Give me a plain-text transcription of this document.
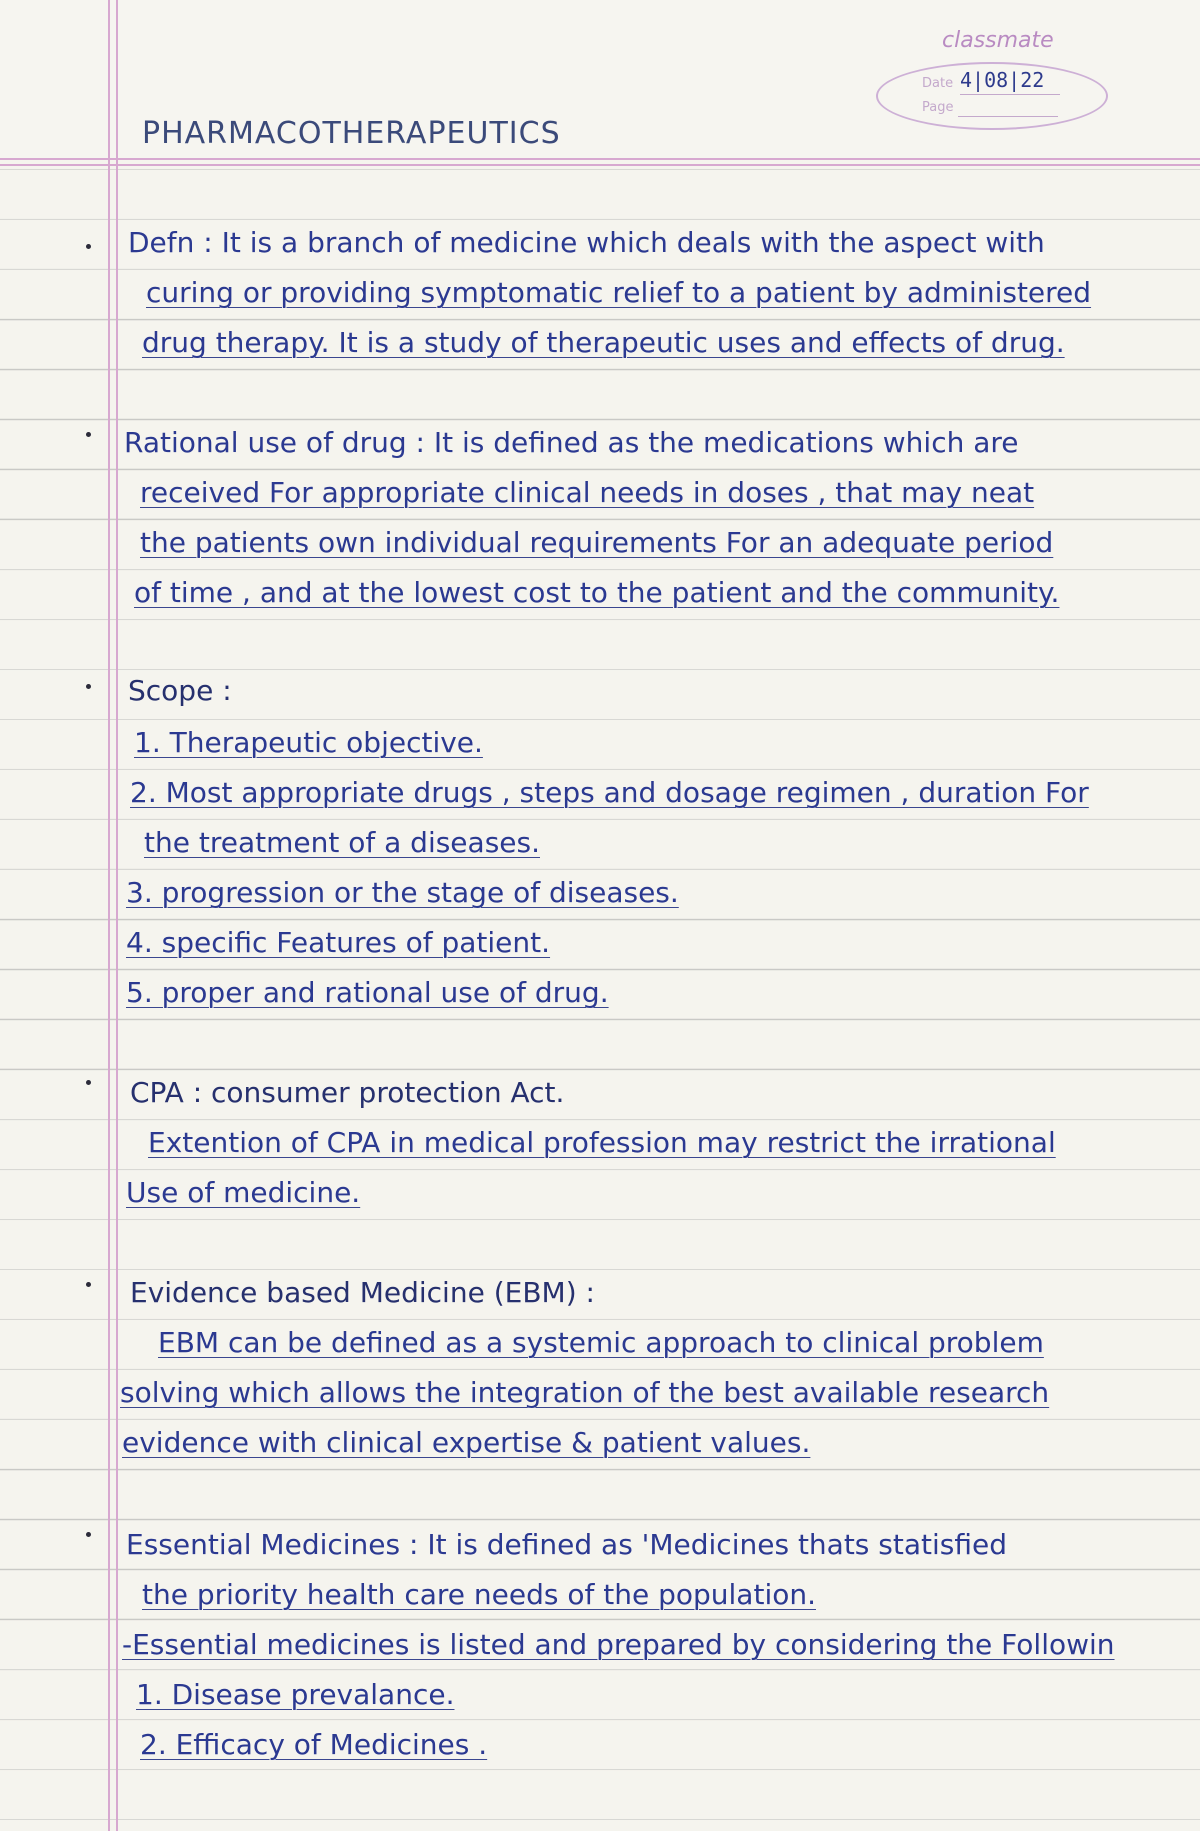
classmate
Date 4|08|22
Page
PHARMACOTHERAPEUTICS
Defn : It is a branch of medicine which deals with the aspect with
curing or providing symptomatic relief to a patient by administered
drug therapy. It is a study of therapeutic uses and effects of drug.
Rational use of drug : It is defined as the medications which are
received For appropriate clinical needs in doses , that may neat
the patients own individual requirements For an adequate period
of time , and at the lowest cost to the patient and the community.
Scope :
1. Therapeutic objective.
2. Most appropriate drugs , steps and dosage regimen , duration For
the treatment of a diseases.
3. progression or the stage of diseases.
4. specific Features of patient.
5. proper and rational use of drug.
CPA : consumer protection Act.
Extention of CPA in medical profession may restrict the irrational
Use of medicine.
Evidence based Medicine (EBM) :
EBM can be defined as a systemic approach to clinical problem
solving which allows the integration of the best available research
evidence with clinical expertise & patient values.
Essential Medicines : It is defined as 'Medicines thats statisfied
the priority health care needs of the population.
-Essential medicines is listed and prepared by considering the Followin
1. Disease prevalance.
2. Efficacy of Medicines .
